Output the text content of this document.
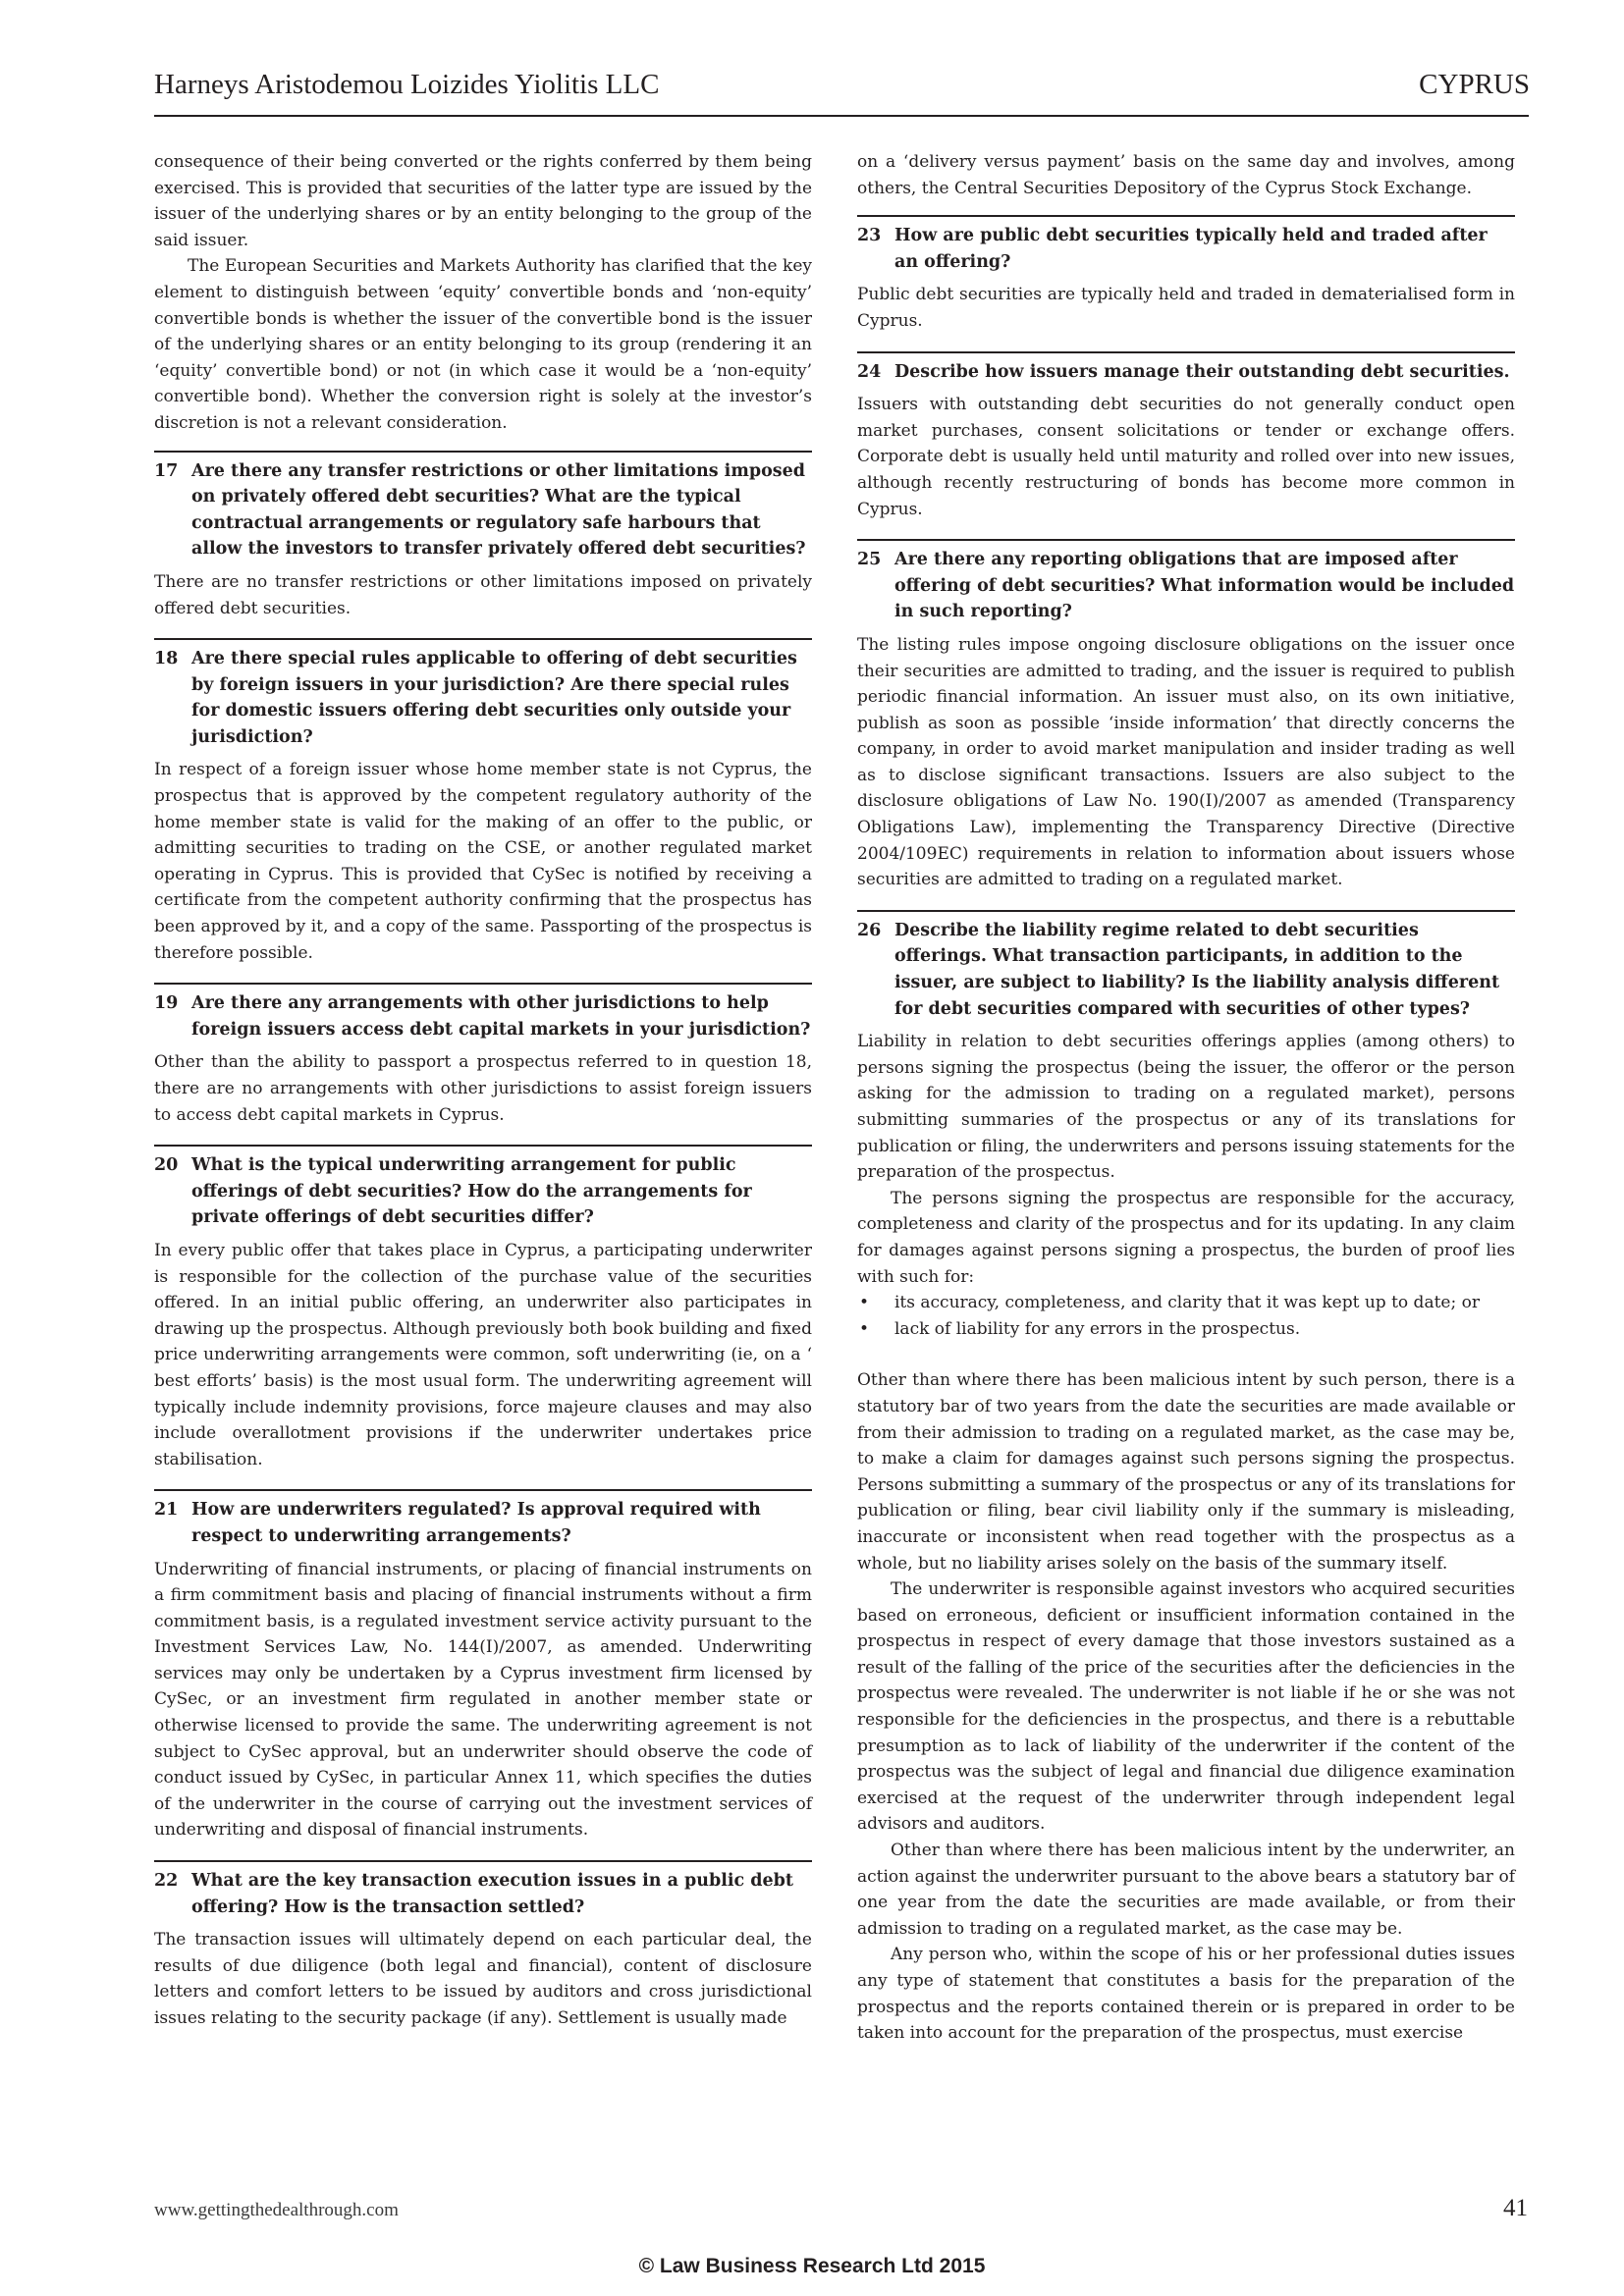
Harneys Aristodemou Loizides Yiolitis LLC	CYPRUS

consequence of their being converted or the rights conferred by them being exercised. This is provided that securities of the latter type are issued by the issuer of the underlying shares or by an entity belonging to the group of the said issuer.

The European Securities and Markets Authority has clarified that the key element to distinguish between ‘equity’ convertible bonds and ‘non-equity’ convertible bonds is whether the issuer of the convertible bond is the issuer of the underlying shares or an entity belonging to its group (rendering it an ‘equity’ convertible bond) or not (in which case it would be a ‘non-equity’ convertible bond). Whether the conversion right is solely at the investor’s discretion is not a relevant consideration.

17 Are there any transfer restrictions or other limitations imposed on privately offered debt securities? What are the typical contractual arrangements or regulatory safe harbours that allow the investors to transfer privately offered debt securities?

There are no transfer restrictions or other limitations imposed on privately offered debt securities.

18 Are there special rules applicable to offering of debt securities by foreign issuers in your jurisdiction? Are there special rules for domestic issuers offering debt securities only outside your jurisdiction?

In respect of a foreign issuer whose home member state is not Cyprus, the prospectus that is approved by the competent regulatory authority of the home member state is valid for the making of an offer to the public, or admitting securities to trading on the CSE, or another regulated market operating in Cyprus. This is provided that CySec is notified by receiving a certificate from the competent authority confirming that the prospectus has been approved by it, and a copy of the same. Passporting of the prospectus is therefore possible.

19 Are there any arrangements with other jurisdictions to help foreign issuers access debt capital markets in your jurisdiction?

Other than the ability to passport a prospectus referred to in question 18, there are no arrangements with other jurisdictions to assist foreign issuers to access debt capital markets in Cyprus.

20 What is the typical underwriting arrangement for public offerings of debt securities? How do the arrangements for private offerings of debt securities differ?

In every public offer that takes place in Cyprus, a participating underwriter is responsible for the collection of the purchase value of the securities offered. In an initial public offering, an underwriter also participates in drawing up the prospectus. Although previously both book building and fixed price underwriting arrangements were common, soft underwriting (ie, on a ‘ best efforts’ basis) is the most usual form. The underwriting agreement will typically include indemnity provisions, force majeure clauses and may also include overallotment provisions if the underwriter undertakes price stabilisation.

21 How are underwriters regulated? Is approval required with respect to underwriting arrangements?

Underwriting of financial instruments, or placing of financial instruments on a firm commitment basis and placing of financial instruments without a firm commitment basis, is a regulated investment service activity pursuant to the Investment Services Law, No. 144(I)/2007, as amended. Underwriting services may only be undertaken by a Cyprus investment firm licensed by CySec, or an investment firm regulated in another member state or otherwise licensed to provide the same. The underwriting agreement is not subject to CySec approval, but an underwriter should observe the code of conduct issued by CySec, in particular Annex 11, which specifies the duties of the underwriter in the course of carrying out the investment services of underwriting and disposal of financial instruments.

22 What are the key transaction execution issues in a public debt offering? How is the transaction settled?

The transaction issues will ultimately depend on each particular deal, the results of due diligence (both legal and financial), content of disclosure letters and comfort letters to be issued by auditors and cross jurisdictional issues relating to the security package (if any). Settlement is usually made

on a ‘delivery versus payment’ basis on the same day and involves, among others, the Central Securities Depository of the Cyprus Stock Exchange.

23 How are public debt securities typically held and traded after an offering?

Public debt securities are typically held and traded in dematerialised form in Cyprus.

24 Describe how issuers manage their outstanding debt securities.

Issuers with outstanding debt securities do not generally conduct open market purchases, consent solicitations or tender or exchange offers. Corporate debt is usually held until maturity and rolled over into new issues, although recently restructuring of bonds has become more common in Cyprus.

25 Are there any reporting obligations that are imposed after offering of debt securities? What information would be included in such reporting?

The listing rules impose ongoing disclosure obligations on the issuer once their securities are admitted to trading, and the issuer is required to publish periodic financial information. An issuer must also, on its own initiative, publish as soon as possible ‘inside information’ that directly concerns the company, in order to avoid market manipulation and insider trading as well as to disclose significant transactions. Issuers are also subject to the disclosure obligations of Law No. 190(I)/2007 as amended (Transparency Obligations Law), implementing the Transparency Directive (Directive 2004/109EC) requirements in relation to information about issuers whose securities are admitted to trading on a regulated market.

26 Describe the liability regime related to debt securities offerings. What transaction participants, in addition to the issuer, are subject to liability? Is the liability analysis different for debt securities compared with securities of other types?

Liability in relation to debt securities offerings applies (among others) to persons signing the prospectus (being the issuer, the offeror or the person asking for the admission to trading on a regulated market), persons submitting summaries of the prospectus or any of its translations for publication or filing, the underwriters and persons issuing statements for the preparation of the prospectus.

The persons signing the prospectus are responsible for the accuracy, completeness and clarity of the prospectus and for its updating. In any claim for damages against persons signing a prospectus, the burden of proof lies with such for:

• its accuracy, completeness, and clarity that it was kept up to date; or
• lack of liability for any errors in the prospectus.

Other than where there has been malicious intent by such person, there is a statutory bar of two years from the date the securities are made available or from their admission to trading on a regulated market, as the case may be, to make a claim for damages against such persons signing the prospectus. Persons submitting a summary of the prospectus or any of its translations for publication or filing, bear civil liability only if the summary is misleading, inaccurate or inconsistent when read together with the prospectus as a whole, but no liability arises solely on the basis of the summary itself.

The underwriter is responsible against investors who acquired securities based on erroneous, deficient or insufficient information contained in the prospectus in respect of every damage that those investors sustained as a result of the falling of the price of the securities after the deficiencies in the prospectus were revealed. The underwriter is not liable if he or she was not responsible for the deficiencies in the prospectus, and there is a rebuttable presumption as to lack of liability of the underwriter if the content of the prospectus was the subject of legal and financial due diligence examination exercised at the request of the underwriter through independent legal advisors and auditors.

Other than where there has been malicious intent by the underwriter, an action against the underwriter pursuant to the above bears a statutory bar of one year from the date the securities are made available, or from their admission to trading on a regulated market, as the case may be.

Any person who, within the scope of his or her professional duties issues any type of statement that constitutes a basis for the preparation of the prospectus and the reports contained therein or is prepared in order to be taken into account for the preparation of the prospectus, must exercise

www.gettingthedealthrough.com	41
© Law Business Research Ltd 2015
